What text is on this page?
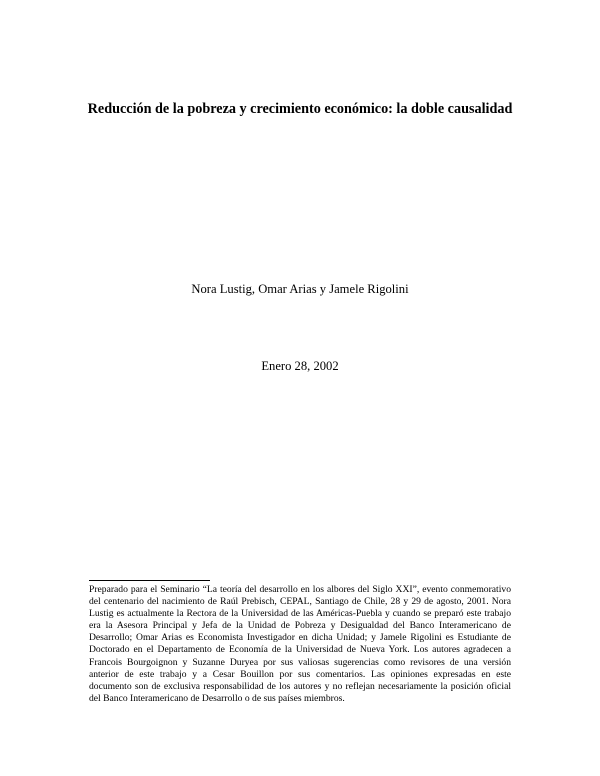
Reducción de la pobreza y crecimiento económico: la doble causalidad
Nora Lustig, Omar Arias y Jamele Rigolini
Enero 28, 2002
Preparado para el Seminario “La teoría del desarrollo en los albores del Siglo XXI”, evento conmemorativo
del centenario del nacimiento de Raúl Prebisch, CEPAL, Santiago de Chile, 28 y 29 de agosto, 2001. Nora
Lustig es actualmente la Rectora de la Universidad de las Américas-Puebla y cuando se preparó este trabajo
era la Asesora Principal y Jefa de la Unidad de Pobreza y Desigualdad del Banco Interamericano de
Desarrollo; Omar Arias es Economista Investigador en dicha Unidad; y Jamele Rigolini es Estudiante de
Doctorado en el Departamento de Economía de la Universidad de Nueva York. Los autores agradecen a
Francois Bourgoignon y Suzanne Duryea por sus valiosas sugerencias como revisores de una versión
anterior de este trabajo y a Cesar Bouillon por sus comentarios. Las opiniones expresadas en este
documento son de exclusiva responsabilidad de los autores y no reflejan necesariamente la posición oficial
del Banco Interamericano de Desarrollo o de sus países miembros.
